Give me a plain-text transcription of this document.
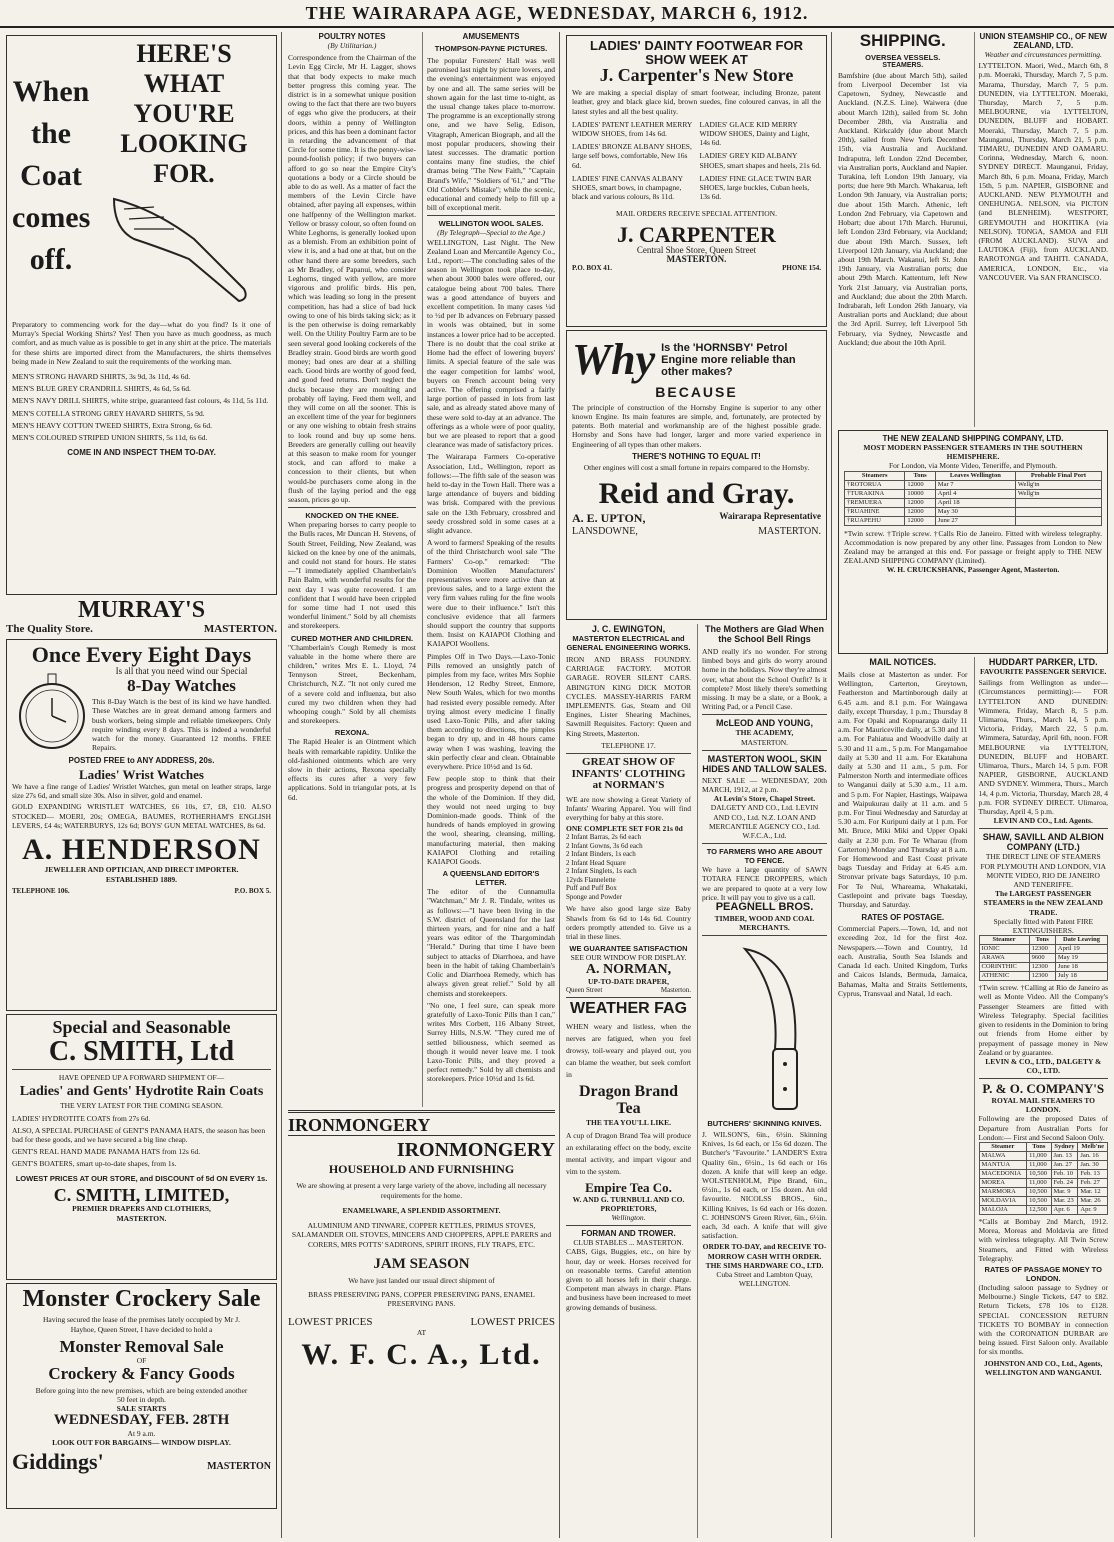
THE WAIRARAPA AGE, WEDNESDAY, MARCH 6, 1912.
When the Coat comes off.
HERE'S WHAT YOU'RE LOOKING FOR.
Preparatory to commencing work for the day—what do you find? Is it one of Murray's Special Working Shirts? Yes! Then you have as much goodness, as much comfort, and as much value as is possible to get in any shirt at the price. The materials for these shirts are imported direct from the Manufacturers, the shirts themselves being made in New Zealand to suit the requirements of the working man.
MEN'S STRONG HAVARD SHIRTS, 3s 9d, 3s 11d, 4s 6d.
MEN'S BLUE GREY CRANDRILL SHIRTS, 4s 6d, 5s 6d.
MEN'S NAVY DRILL SHIRTS, white stripe, guaranteed fast colours, 4s 11d, 5s 11d.
MEN'S COTELLA STRONG GREY HAVARD SHIRTS, 5s 9d.
MEN'S HEAVY COTTON TWEED SHIRTS, Extra Strong, 6s 6d.
MEN'S COLOURED STRIPED UNION SHIRTS, 5s 11d, 6s 6d.
COME IN AND INSPECT THEM TO-DAY.
MURRAY'S
The Quality Store.	MASTERTON.
Once Every Eight Days
Is all that you need wind our Special
8-Day Watches
This 8-Day Watch is the best of its kind we have handled. These Watches are in great demand among farmers and bush workers, being simple and reliable timekeepers. Only require winding every 8 days. This is indeed a wonderful watch for the money. Guaranteed 12 months. FREE Repairs.
POSTED FREE to ANY ADDRESS, 20s.
Ladies' Wrist Watches
We have a fine range of Ladies' Wristlet Watches, gun metal on leather straps, large size 27s 6d, and small size 30s. Also in silver, gold and enamel.
GOLD EXPANDING WRISTLET WATCHES, £6 10s, £7, £8, £10. ALSO STOCKED— MOERI, 20s; OMEGA, BAUMES, ROTHERHAM'S ENGLISH LEVERS, £4 4s; WATERBURYS, 12s 6d; BOYS' GUN METAL WATCHES, 8s 6d.
A. HENDERSON
JEWELLER AND OPTICIAN, AND DIRECT IMPORTER.
ESTABLISHED 1889.
TELEPHONE 106.	P.O. BOX 5.
Special and Seasonable
C. SMITH, Ltd
HAVE OPENED UP A FORWARD SHIPMENT OF—
Ladies' and Gents' Hydrotite Rain Coats
THE VERY LATEST FOR THE COMING SEASON.
LADIES' HYDROTITE COATS from 27s 6d.
ALSO, A SPECIAL PURCHASE of GENT'S PANAMA HATS, the season has been bad for these goods, and we have secured a big line cheap.
GENT'S REAL HAND MADE PANAMA HATS from 12s 6d.
GENT'S BOATERS, smart up-to-date shapes, from 1s.
LOWEST PRICES AT OUR STORE, and DISCOUNT of 5d ON EVERY 1s.
C. SMITH, LIMITED,
PREMIER DRAPERS AND CLOTHIERS,
MASTERTON.
Monster Crockery Sale
Having secured the lease of the premises lately occupied by Mr J. Hayhoe, Queen Street, I have decided to hold a
Monster Removal Sale
OF
Crockery & Fancy Goods
Before going into the new premises, which are being extended another 50 feet in depth.
SALE STARTS
WEDNESDAY, FEB. 28TH
At 9 a.m.
LOOK OUT FOR BARGAINS— WINDOW DISPLAY.
Giddings'	MASTERTON
POULTRY NOTES
(By Utilitarian.)
Correspondence from the Chairman of the Levin Egg Circle, Mr H. Lagger, shows that that body expects to make much better progress this coming year. The district is in a somewhat unique position owing to the fact that there are two buyers of eggs who give the producers, at their doors, within a penny of Wellington prices, and this has been a dominant factor in retarding the advancement of that Circle for some time. It is the penny-wise-pound-foolish policy; if two buyers can afford to go so near the Empire City's quotations a body or a Circle should be able to do as well. As a matter of fact the members of the Levin Circle have obtained, after paying all expenses, within one halfpenny of the Wellington market. Yellow or brassy colour, so often found on White Leghorns, is generally looked upon as a blemish. From an exhibition point of view it is, and a bad one at that, but on the other hand there are some breeders, such as Mr Bradley, of Papanui, who consider Leghorns, tinged with yellow, are more vigorous and prolific birds. His pen, which was leading so long in the present competition, has had a slice of bad luck owing to one of his birds taking sick; as it is the pen otherwise is doing remarkably well. On the Utility Poultry Farm are to be seen several good looking cockerels of the Bradley strain. Good birds are worth good money; bad ones are dear at a shilling each. Good birds are worthy of good feed, and good feed returns. Don't neglect the ducks because they are moulting and probably off laying. Feed them well, and they will come on all the sooner. This is an excellent time of the year for beginners or any one wishing to obtain fresh strains to look round and buy up some hens. Breeders are generally culling out heavily at this season to make room for younger stock, and can afford to make a concession to their clients, but when would-be purchasers come along in the flush of the laying period and the egg season, prices go up.
KNOCKED ON THE KNEE.
When preparing horses to carry people to the Bulls races, Mr Duncan H. Stevens, of South Street, Feilding, New Zealand, was kicked on the knee by one of the animals, and could not stand for hours. He states—"I immediately applied Chamberlain's Pain Balm, with wonderful results for the next day I was quite recovered. I am confident that I would have been crippled for some time had I not used this wonderful liniment." Sold by all chemists and storekeepers.
CURED MOTHER AND CHILDREN.
"Chamberlain's Cough Remedy is most valuable in the home where there are children," writes Mrs E. L. Lloyd, 74 Tennyson Street, Beckenham, Christchurch, N.Z. "It not only cured me of a severe cold and influenza, but also cured my two children when they had whooping cough." Sold by all chemists and storekeepers.
REXONA.
The Rapid Healer is an Ointment which heals with remarkable rapidity. Unlike the old-fashioned ointments which are very slow in their actions, Rexona specially effects its cures after a very few applications. Sold in triangular pots, at 1s 6d.
AMUSEMENTS
THOMPSON-PAYNE PICTURES.
The popular Foresters' Hall was well patronised last night by picture lovers, and the evening's entertainment was enjoyed by one and all. The same series will be shown again for the last time to-night, as the usual change takes place to-morrow. The programme is an exceptionally strong one, and we have Selig, Edison, Vitagraph, American Biograph, and all the most popular producers, showing their latest successes. The dramatic portion contains many fine studies, the chief dramas being "The New Faith," "Captain Brand's Wife," "Soldiers of '61," and "The Old Cobbler's Mistake"; while the scenic, educational and comedy help to fill up a bill of exceptional merit.
WELLINGTON WOOL SALES.
(By Telegraph—Special to the Age.)
WELLINGTON, Last Night. The New Zealand Loan and Mercantile Agency Co., Ltd., report:—The concluding sales of the season in Wellington took place to-day, when about 3000 bales were offered, our catalogue being about 700 bales. There was a good attendance of buyers and excellent competition. In many cases ¼d to ½d per lb advances on February passed in wools was obtained, but in some instances a lower price had to be accepted. There is no doubt that the coal strike at Home had the effect of lowering buyers' limits. A special feature of the sale was the eager competition for lambs' wool, buyers on French account being very active. The offering comprised a fairly large portion of passed in lots from last sale, and as already stated above many of these were sold to-day at an advance. The offerings as a whole were of poor quality, but we are pleased to report that a good clearance was made of satisfactory prices.
The Wairarapa Farmers Co-operative Association, Ltd., Wellington, report as follows:—The fifth sale of the season was held to-day in the Town Hall. There was a large attendance of buyers and bidding was brisk. Compared with the previous sale on the 13th February, crossbred and seedy crossbred sold in some cases at a slight advance.
A word to farmers! Speaking of the results of the third Christchurch wool sale "The Farmers' Co-op." remarked: "The Dominion Woollen Manufacturers' representatives were more active than at previous sales, and to a large extent the very firm values ruling for the fine wools were due to their influence." Isn't this conclusive evidence that all farmers should support the country that supports them. Insist on KAIAPOI Clothing and KAIAPOI Woollens.
Pimples Off in Two Days.—Laxo-Tonic Pills removed an unsightly patch of pimples from my face, writes Mrs Sophie Henderson, 12 Redby Street, Enmore, New South Wales, which for two months had resisted every possible remedy. After trying almost every medicine I finally used Laxo-Tonic Pills, and after taking them according to directions, the pimples began to dry up, and in 48 hours came away when I was washing, leaving the skin perfectly clear and clean. Obtainable everywhere. Price 10½d and 1s 6d.
Few people stop to think that their progress and prosperity depend on that of the whole of the Dominion. If they did, they would not need urging to buy Dominion-made goods. Think of the hundreds of hands employed in growing the wool, shearing, cleansing, milling, manufacturing material, then making KAIAPOI Clothing and retailing KAIAPOI Goods.
A QUEENSLAND EDITOR'S LETTER.
The editor of the Cunnamulla "Watchman," Mr J. R. Tindale, writes us as follows:—"I have been living in the S.W. district of Queensland for the last thirteen years, and for nine and a half years was editor of the Thargomindah "Herald." During that time I have been subject to attacks of Diarrhoea, and have been in the habit of taking Chamberlain's Colic and Diarrhoea Remedy, which has always given great relief." Sold by all chemists and storekeepers.
"No one, I feel sure, can speak more gratefully of Laxo-Tonic Pills than I can," writes Mrs Corbett, 116 Albany Street, Surrey Hills, N.S.W. "They cured me of settled biliousness, which seemed as though it would never leave me. I took Laxo-Tonic Pills, and they proved a perfect remedy." Sold by all chemists and storekeepers. Price 10½d and 1s 6d.
IRONMONGERY
IRONMONGERY
HOUSEHOLD AND FURNISHING
We are showing at present a very large variety of the above, including all necessary requirements for the home.
ENAMELWARE, A SPLENDID ASSORTMENT.
ALUMINIUM AND TINWARE, COPPER KETTLES, PRIMUS STOVES, SALAMANDER OIL STOVES, MINCERS AND CHOPPERS, APPLE PARERS and CORERS, MRS POTTS' SADIRONS, SPIRIT IRONS, FLY TRAPS, ETC.
JAM SEASON
We have just landed our usual direct shipment of
BRASS PRESERVING PANS, COPPER PRESERVING PANS, ENAMEL PRESERVING PANS.
LOWEST PRICES	LOWEST PRICES
AT
W. F. C. A., Ltd.
LADIES' DAINTY FOOTWEAR FOR SHOW WEEK AT
J. Carpenter's New Store
We are making a special display of smart footwear, including Bronze, patent leather, grey and black glace kid, brown suedes, fine coloured canvas, in all the latest styles and all the best quality.
LADIES' PATENT LEATHER MERRY WIDOW SHOES, from 14s 6d.
LADIES' BRONZE ALBANY SHOES, large self bows, comfortable, New 16s 6d.
LADIES' FINE CANVAS ALBANY SHOES, smart bows, in champagne, black and various colours, 8s 11d.
LADIES' GLACE KID MERRY WIDOW SHOES, Dainty and Light, 14s 6d.
LADIES' GREY KID ALBANY SHOES, smart shapes and heels, 21s 6d.
LADIES' FINE GLACE TWIN BAR SHOES, large buckles, Cuban heels, 13s 6d.
MAIL ORDERS RECEIVE SPECIAL ATTENTION.
J. CARPENTER
Central Shoe Store, Queen Street
MASTERTON.
P.O. BOX 41.	PHONE 154.
Why Is the 'HORNSBY' Petrol Engine more reliable than other makes?
BECAUSE
The principle of construction of the Hornsby Engine is superior to any other known Engine. Its main features are simple, and, fortunately, are protected by patents. Both material and workmanship are of the highest possible grade. Hornsby and Sons have had longer, larger and more varied experience in Engineering of all types than other makers.
THERE'S NOTHING TO EQUAL IT!
Other engines will cost a small fortune in repairs compared to the Hornsby.
Reid and Gray.
A. E. UPTON,	Wairarapa Representative
LANSDOWNE,	MASTERTON.
J. C. EWINGTON,
MASTERTON ELECTRICAL and GENERAL ENGINEERING WORKS.
IRON AND BRASS FOUNDRY. CARRIAGE FACTORY. MOTOR GARAGE. ROVER SILENT CARS. ABINGTON KING DICK MOTOR CYCLES. MASSEY-HARRIS FARM IMPLEMENTS. Gas, Steam and Oil Engines, Lister Shearing Machines, Sawmill Requisites. Factory: Queen and King Streets, Masterton.
TELEPHONE 17.
GREAT SHOW OF INFANTS' CLOTHING at NORMAN'S
WE are now showing a Great Variety of Infants' Wearing Apparel. You will find everything for baby at this store.
ONE COMPLETE SET FOR 21s 0d
2 Infant Barras, 2s 6d each
2 Infant Gowns, 3s 6d each
2 Infant Binders, 1s each
2 Infant Head Square
2 Infant Singlets, 1s each
12yds Flannelette
Puff and Puff Box
Sponge and Powder
We have also good large size Baby Shawls from 6s 6d to 14s 6d. Country orders promptly attended to. Give us a trial in these lines.
WE GUARANTEE SATISFACTION
SEE OUR WINDOW FOR DISPLAY.
A. NORMAN,
UP-TO-DATE DRAPER,
Queen Street	Masterton.
WEATHER FAG
WHEN weary and listless, when the nerves are fatigued, when you feel drowsy, toil-weary and played out, you can blame the weather, but seek comfort in
Dragon Brand Tea
THE TEA YOU'LL LIKE.
A cup of Dragon Brand Tea will produce an exhilarating effect on the body, excite mental activity, and impart vigour and vim to the system.
Empire Tea Co.
W. AND G. TURNBULL AND CO. PROPRIETORS,
Wellington.
FORMAN AND TROWER.
CLUB STABLES ... MASTERTON.
CABS, Gigs, Buggies, etc., on hire by hour, day or week. Horses received for on reasonable terms. Careful attention given to all horses left in their charge. Competent man always in charge. Plans and business have been increased to meet growing demands of business.
The Mothers are Glad When the School Bell Rings
AND really it's no wonder. For strong limbed boys and girls do worry around home in the holidays. Now they're almost over, what about the School Outfit? Is it complete? Most likely there's something missing. It may be a slate, or a Book, a Writing Pad, or a Pencil Case.
McLEOD AND YOUNG,
THE ACADEMY,
MASTERTON.
MASTERTON WOOL, SKIN HIDES AND TALLOW SALES.
NEXT SALE — WEDNESDAY, 20th MARCH, 1912, at 2 p.m.
At Levin's Store, Chapel Street.
DALGETY AND CO., Ltd. LEVIN AND CO., Ltd. N.Z. LOAN AND MERCANTILE AGENCY CO., Ltd. W.F.C.A., Ltd.
TO FARMERS WHO ARE ABOUT TO FENCE.
We have a large quantity of SAWN TOTARA FENCE DROPPERS, which we are prepared to quote at a very low price. It will pay you to give us a call.
PEAGNELL BROS.
TIMBER, WOOD AND COAL MERCHANTS.
BUTCHERS' SKINNING KNIVES.
J. WILSON'S, 6in., 6½in. Skinning Knives, 1s 6d each, or 15s 6d dozen. The Butcher's "Favourite." LANDER'S Extra Quality 6in., 6½in., 1s 6d each or 16s dozen. A knife that will keep an edge. WOLSTENHOLM, Pipe Brand, 6in., 6½in., 1s 6d each, or 15s dozen. An old favourite. NICOLSS BROS., 6in., Killing Knives, 1s 6d each or 16s dozen. C. JOHNSON'S Green River, 6in., 6½in. each, 3d each. A knife that will give satisfaction.
ORDER TO-DAY, and RECEIVE TO-MORROW CASH WITH ORDER.
THE SIMS HARDWARE CO., LTD.
Cuba Street and Lambton Quay, WELLINGTON.
SHIPPING.
OVERSEA VESSELS.
STEAMERS.
Bamfshire (due about March 5th), sailed from Liverpool December 1st via Capetown, Sydney, Newcastle and Auckland. (N.Z.S. Line). Waiwera (due about March 12th), sailed from St. John December 28th, via Australia and Auckland. Kirkcaldy (due about March 20th), sailed from New York December 15th, via Australia and Auckland. Indraputra, left London 22nd December, via Australian ports, Auckland and Napier. Turakina, left London 19th January, via ports; due here 9th March. Whakarua, left London 9th January, via Australian ports; due about 15th March. Athenic, left London 2nd February, via Capetown and Hobart; due about 17th March. Hurunui, left London 23rd February, via Auckland; due about 19th March. Sussex, left Liverpool 12th January, via Auckland; due about 19th March. Wakanui, left St. John 19th January, via Australian ports; due about 29th March. Kattenturn, left New York 21st January, via Australian ports, and Auckland; due about the 20th March. Indrabarah, left London 26th January, via Australian ports and Auckland; due about the 3rd April. Surrey, left Liverpool 5th February, via Sydney, Newcastle and Auckland; due about the 10th April.
UNION STEAMSHIP CO., OF NEW ZEALAND, LTD.
Weather and circumstances permitting.
LYTTELTON. Maori, Wed., March 6th, 8 p.m. Moeraki, Thursday, March 7, 5 p.m. Marama, Thursday, March 7, 5 p.m. DUNEDIN, via LYTTELTON. Moeraki, Thursday, March 7, 5 p.m. MELBOURNE, via LYTTELTON, DUNEDIN, BLUFF and HOBART. Moeraki, Thursday, March 7, 5 p.m. Maunganui, Thursday, March 21, 5 p.m. TIMARU, DUNEDIN AND OAMARU. Corinna, Wednesday, March 6, noon. SYDNEY DIRECT. Maunganui, Friday, March 8th, 6 p.m. Moana, Friday, March 15th, 5 p.m. NAPIER, GISBORNE and AUCKLAND. NEW PLYMOUTH and ONEHUNGA. NELSON, via PICTON (and BLENHEIM). WESTPORT, GREYMOUTH and HOKITIKA (via NELSON). TONGA, SAMOA and FIJI (FROM AUCKLAND). SUVA and LAUTOKA (Fiji), from AUCKLAND. RAROTONGA and TAHITI. CANADA, AMERICA, LONDON, Etc., via VANCOUVER. Via SAN FRANCISCO.
THE NEW ZEALAND SHIPPING COMPANY, LTD.
MOST MODERN PASSENGER STEAMERS IN THE SOUTHERN HEMISPHERE.
For London, via Monte Video, Teneriffe, and Plymouth.
Steamers	Tons	Leaves Wellington	Probable Final Port
†ROTORUA	12000	Mar 7	Wellg'tn
†TURAKINA	10000	April 4	Wellg'tn
†REMUERA	12000	April 18	
†RUAHINE	12000	May 30	
†RUAPEHU	12000	June 27	
*Twin screw. †Triple screw. †Calls Rio de Janeiro. Fitted with wireless telegraphy. Accommodation is now prepared by any other line. Passages from London to New Zealand may be arranged at this end. For passage or freight apply to THE NEW ZEALAND SHIPPING COMPANY (Limited).
W. H. CRUICKSHANK, Passenger Agent, Masterton.
MAIL NOTICES.
Mails close at Masterton as under. For Wellington, Carterton, Greytown, Featherston and Martinborough daily at 6.45 a.m. and 8.1 p.m. For Waingawa daily, except Thursday, 1 p.m.; Thursday 8 a.m. For Opaki and Kopuaranga daily 11 a.m. For Mauriceville daily, at 5.30 and 11 a.m. For Pahiatua and Woodville daily at 5.30 and 11 a.m., 5 p.m. For Mangamahoe daily at 5.30 and 11 a.m. For Ekatahuna daily at 5.30 and 11 a.m., 5 p.m. For Palmerston North and intermediate offices to Wanganui daily at 5.30 a.m., 11 a.m. and 5 p.m. For Napier, Hastings, Waipawa and Waipukurau daily at 11 a.m. and 5 p.m. For Tinui Wednesday and Saturday at 5.30 a.m. For Kuripuni daily at 1 p.m. For Mt. Bruce, Miki Miki and Upper Opaki daily at 2.30 p.m. For Te Wharau (from Carterton) Monday and Thursday at 8 a.m. For Homewood and East Coast private bags Tuesday and Friday at 6.45 a.m. Stronvar private bags Saturdays, 10 p.m. For Te Nui, Whareama, Whakataki, Castlepoint and private bags Tuesday, Thursday, and Saturday.
RATES OF POSTAGE.
Commercial Papers.—Town, 1d, and not exceeding 2oz, 1d for the first 4oz. Newspapers.—Town and Country, 1d each. Australia, South Sea Islands and Canada 1d each. United Kingdom, Turks and Caicos Islands, Bermuda, Jamaica, Bahamas, Malta and Straits Settlements, Cyprus, Transvaal and Natal, 1d each.
HUDDART PARKER, LTD.
FAVOURITE PASSENGER SERVICE.
Sailings from Wellington as under— (Circumstances permitting):— FOR LYTTELTON AND DUNEDIN: Wimmera, Friday, March 8, 5 p.m. Ulimaroa, Thurs., March 14, 5 p.m. Victoria, Friday, March 22, 5 p.m. Wimmera, Saturday, April 6th, noon. FOR MELBOURNE via LYTTELTON, DUNEDIN, BLUFF and HOBART. Ulimaroa, Thurs., March 14, 5 p.m. FOR NAPIER, GISBORNE, AUCKLAND AND SYDNEY. Wimmera, Thurs., March 14, 4 p.m. Victoria, Thursday, March 28, 4 p.m. FOR SYDNEY DIRECT. Ulimaroa, Thursday, April 4, 5 p.m.
LEVIN AND CO., Ltd. Agents.
SHAW, SAVILL AND ALBION COMPANY (LTD.)
THE DIRECT LINE OF STEAMERS FOR PLYMOUTH AND LONDON, VIA MONTE VIDEO, RIO DE JANEIRO AND TENERIFFE.
The LARGEST PASSENGER STEAMERS in the NEW ZEALAND TRADE.
Specially fitted with Patent FIRE EXTINGUISHERS.
Steamer	Tons	Date Leaving
IONIC	12300	April 19
ARAWA	9600	May 19
CORINTHIC	12300	June 18
ATHENIC	12300	July 18
†Twin screw. †Calling at Rio de Janeiro as well as Monte Video. All the Company's Passenger Steamers are fitted with Wireless Telegraphy. Special facilities given to residents in the Dominion to bring out friends from Home either by prepayment of passage money in New Zealand or by guarantee.
LEVIN & CO., LTD., DALGETY & CO., LTD.
P. & O. COMPANY'S
ROYAL MAIL STEAMERS TO LONDON.
Following are the proposed Dates of Departure from Australian Ports for London:— First and Second Saloon Only.
Steamer	Tons	Sydney	Melb'ne
MALWA	11,000	Jan. 13	Jan. 16
MANTUA	11,000	Jan. 27	Jan. 30
MACEDONIA	10,500	Feb. 10	Feb. 13
MOREA	11,000	Feb. 24	Feb. 27
MARMORA	10,500	Mar. 9	Mar. 12
MOLDAVIA	10,500	Mar. 23	Mar. 26
MALOJA	12,500	Apr. 6	Apr. 9
*Calls at Bombay 2nd March, 1912. Morea, Moreas and Moldavia are fitted with wireless telegraphy. All Twin Screw Steamers, and Fitted with Wireless Telegraphy.
RATES OF PASSAGE MONEY TO LONDON.
(Including saloon passage to Sydney or Melbourne.) Single Tickets, £47 to £82. Return Tickets, £78 10s to £128. SPECIAL CONCESSION RETURN TICKETS TO BOMBAY in connection with the CORONATION DURBAR are being issued. First Saloon only. Available for six months.
JOHNSTON AND CO., Ltd., Agents, WELLINGTON AND WANGANUI.
